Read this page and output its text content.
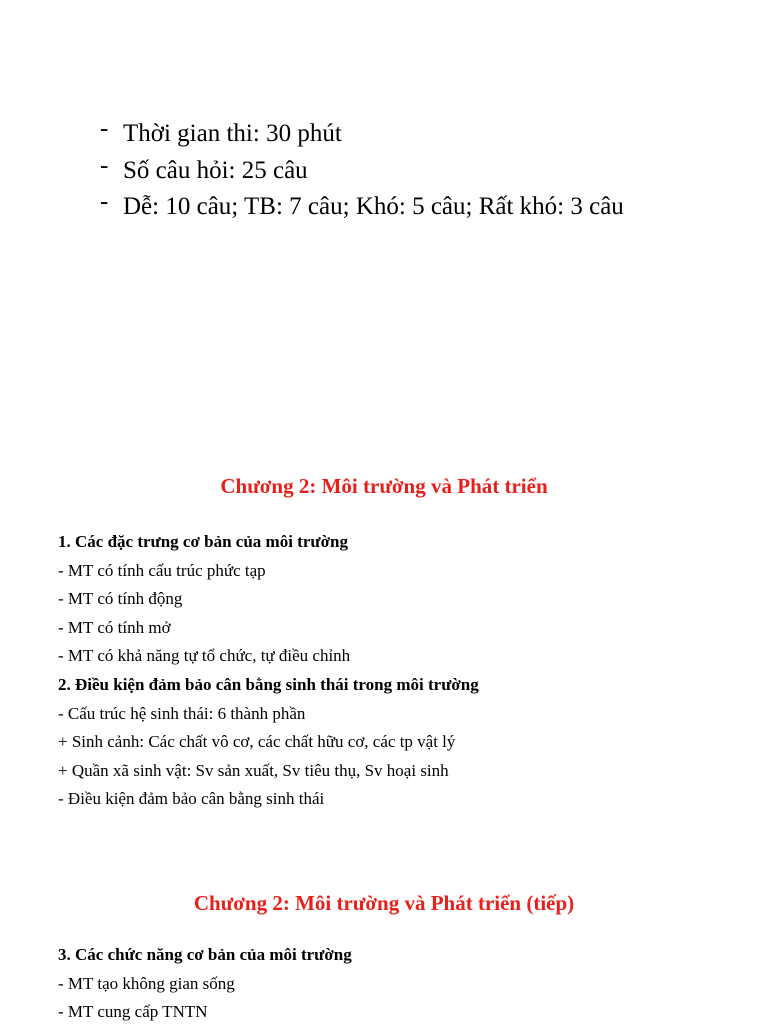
- Thời gian thi: 30 phút
- Số câu hỏi: 25 câu
- Dễ: 10 câu; TB: 7 câu; Khó: 5 câu; Rất khó: 3 câu
Chương 2: Môi trường và Phát triển
1. Các đặc trưng cơ bản của môi trường
- MT có tính cấu trúc phức tạp
- MT có tính động
- MT có tính mở
- MT có khả năng tự tổ chức, tự điều chỉnh
2. Điều kiện đảm bảo cân bằng sinh thái trong môi trường
- Cấu trúc hệ sinh thái: 6 thành phần
+ Sinh cảnh: Các chất vô cơ, các chất hữu cơ, các tp vật lý
+ Quần xã sinh vật: Sv sản xuất, Sv tiêu thụ, Sv hoại sinh
- Điều kiện đảm bảo cân bằng sinh thái
Chương 2: Môi trường và Phát triển (tiếp)
3. Các chức năng cơ bản của môi trường
- MT tạo không gian sống
- MT cung cấp TNTN
